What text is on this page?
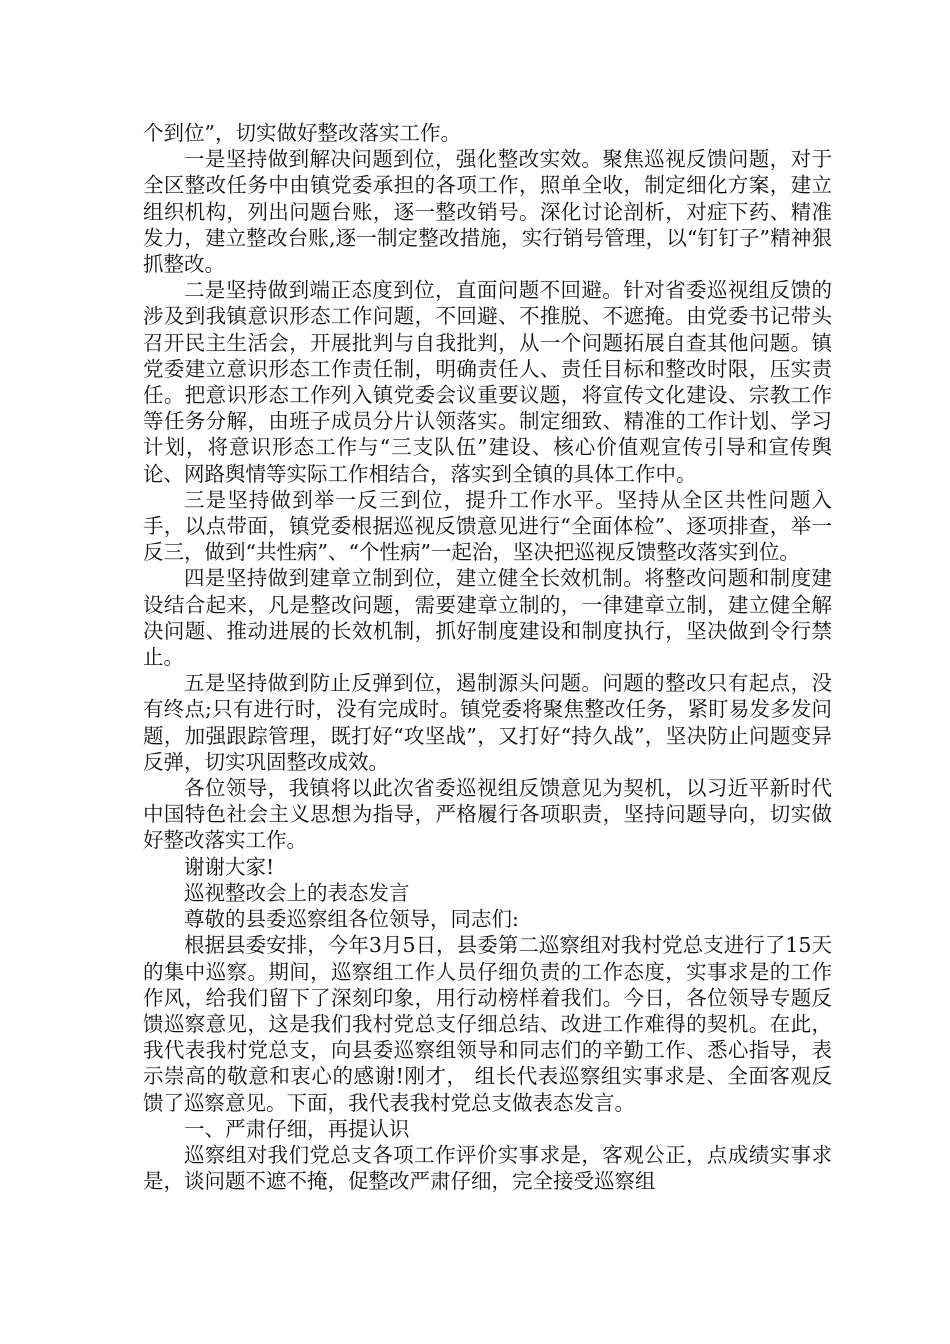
个到位”，切实做好整改落实工作。

一是坚持做到解决问题到位，强化整改实效。聚焦巡视反馈问题，对于全区整改任务中由镇党委承担的各项工作，照单全收，制定细化方案，建立组织机构，列出问题台账，逐一整改销号。深化讨论剖析，对症下药、精准发力，建立整改台账,逐一制定整改措施，实行销号管理，以“钉钉子”精神狠抓整改。

二是坚持做到端正态度到位，直面问题不回避。针对省委巡视组反馈的涉及到我镇意识形态工作问题，不回避、不推脱、不遮掩。由党委书记带头召开民主生活会，开展批判与自我批判，从一个问题拓展自查其他问题。镇党委建立意识形态工作责任制，明确责任人、责任目标和整改时限，压实责任。把意识形态工作列入镇党委会议重要议题，将宣传文化建设、宗教工作等任务分解，由班子成员分片认领落实。制定细致、精准的工作计划、学习计划，将意识形态工作与“三支队伍”建设、核心价值观宣传引导和宣传舆论、网路舆情等实际工作相结合，落实到全镇的具体工作中。

三是坚持做到举一反三到位，提升工作水平。坚持从全区共性问题入手，以点带面，镇党委根据巡视反馈意见进行“全面体检”、逐项排查，举一反三，做到“共性病”、“个性病”一起治，坚决把巡视反馈整改落实到位。

四是坚持做到建章立制到位，建立健全长效机制。将整改问题和制度建设结合起来，凡是整改问题，需要建章立制的，一律建章立制，建立健全解决问题、推动进展的长效机制，抓好制度建设和制度执行，坚决做到令行禁止。

五是坚持做到防止反弹到位，遏制源头问题。问题的整改只有起点，没有终点;只有进行时，没有完成时。镇党委将聚焦整改任务，紧盯易发多发问题，加强跟踪管理，既打好“攻坚战”，又打好“持久战”，坚决防止问题变异反弹，切实巩固整改成效。

各位领导，我镇将以此次省委巡视组反馈意见为契机，以习近平新时代中国特色社会主义思想为指导，严格履行各项职责，坚持问题导向，切实做好整改落实工作。

谢谢大家!

巡视整改会上的表态发言

尊敬的县委巡察组各位领导，同志们:

根据县委安排，今年3月5日，县委第二巡察组对我村党总支进行了15天的集中巡察。期间，巡察组工作人员仔细负责的工作态度，实事求是的工作作风，给我们留下了深刻印象，用行动榜样着我们。今日，各位领导专题反馈巡察意见，这是我们我村党总支仔细总结、改进工作难得的契机。在此，我代表我村党总支，向县委巡察组领导和同志们的辛勤工作、悉心指导，表示崇高的敬意和衷心的感谢!刚才， 组长代表巡察组实事求是、全面客观反馈了巡察意见。下面，我代表我村党总支做表态发言。

一、严肃仔细，再提认识

巡察组对我们党总支各项工作评价实事求是，客观公正，点成绩实事求是，谈问题不遮不掩，促整改严肃仔细，完全接受巡察组
